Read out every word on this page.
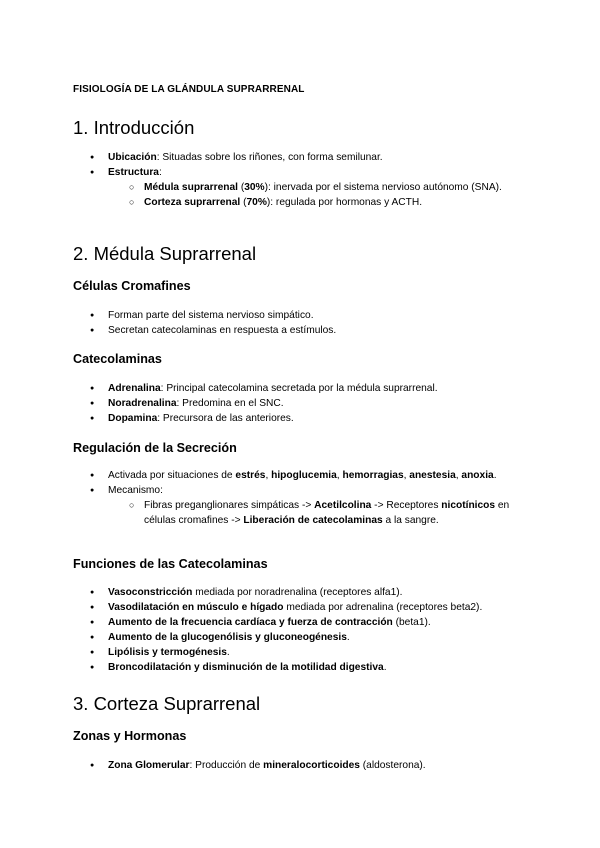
FISIOLOGÍA DE LA GLÁNDULA SUPRARRENAL
1. Introducción
● Ubicación: Situadas sobre los riñones, con forma semilunar.
● Estructura:
○ Médula suprarrenal (30%): inervada por el sistema nervioso autónomo (SNA).
○ Corteza suprarrenal (70%): regulada por hormonas y ACTH.
2. Médula Suprarrenal
Células Cromafines
● Forman parte del sistema nervioso simpático.
● Secretan catecolaminas en respuesta a estímulos.
Catecolaminas
● Adrenalina: Principal catecolamina secretada por la médula suprarrenal.
● Noradrenalina: Predomina en el SNC.
● Dopamina: Precursora de las anteriores.
Regulación de la Secreción
● Activada por situaciones de estrés, hipoglucemia, hemorragias, anestesia, anoxia.
● Mecanismo:
○ Fibras preganglionares simpáticas -> Acetilcolina -> Receptores nicotínicos en células cromafines -> Liberación de catecolaminas a la sangre.
Funciones de las Catecolaminas
● Vasoconstricción mediada por noradrenalina (receptores alfa1).
● Vasodilatación en músculo e hígado mediada por adrenalina (receptores beta2).
● Aumento de la frecuencia cardíaca y fuerza de contracción (beta1).
● Aumento de la glucogenólisis y gluconeogénesis.
● Lipólisis y termogénesis.
● Broncodilatación y disminución de la motilidad digestiva.
3. Corteza Suprarrenal
Zonas y Hormonas
● Zona Glomerular: Producción de mineralocorticoides (aldosterona).
